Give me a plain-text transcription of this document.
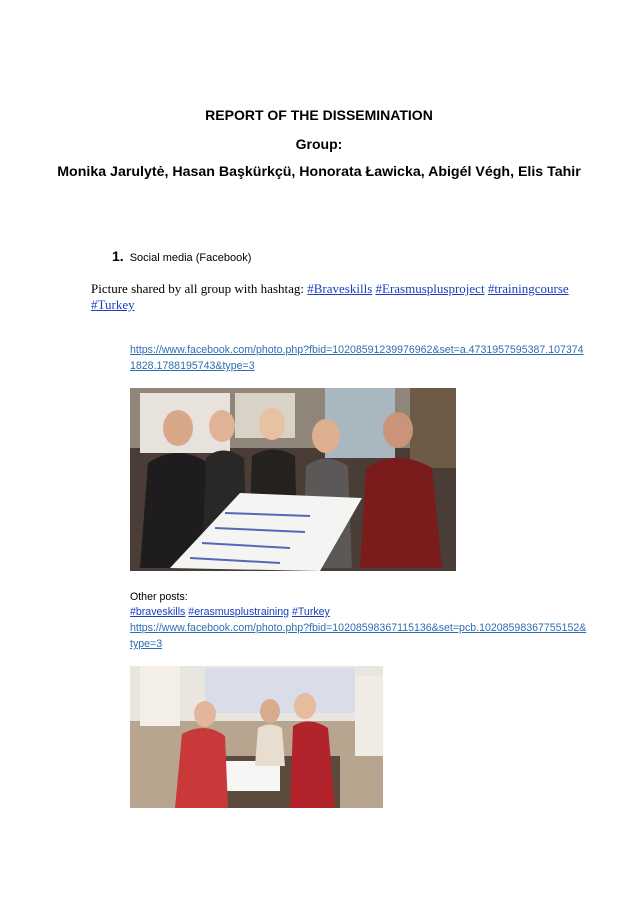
REPORT OF THE DISSEMINATION
Group:
Monika Jarulytė, Hasan Başkürkçü, Honorata Ławicka, Abigél Végh, Elis Tahir
1. Social media (Facebook)
Picture shared by all group with hashtag: #Braveskills #Erasmusplusproject #trainingcourse
#Turkey
https://www.facebook.com/photo.php?fbid=10208591239976962&set=a.4731957595387.107374
1828.1788195743&type=3
Other posts:
#braveskills #erasmusplustraining #Turkey
https://www.facebook.com/photo.php?fbid=10208598367115136&set=pcb.10208598367755152&
type=3
